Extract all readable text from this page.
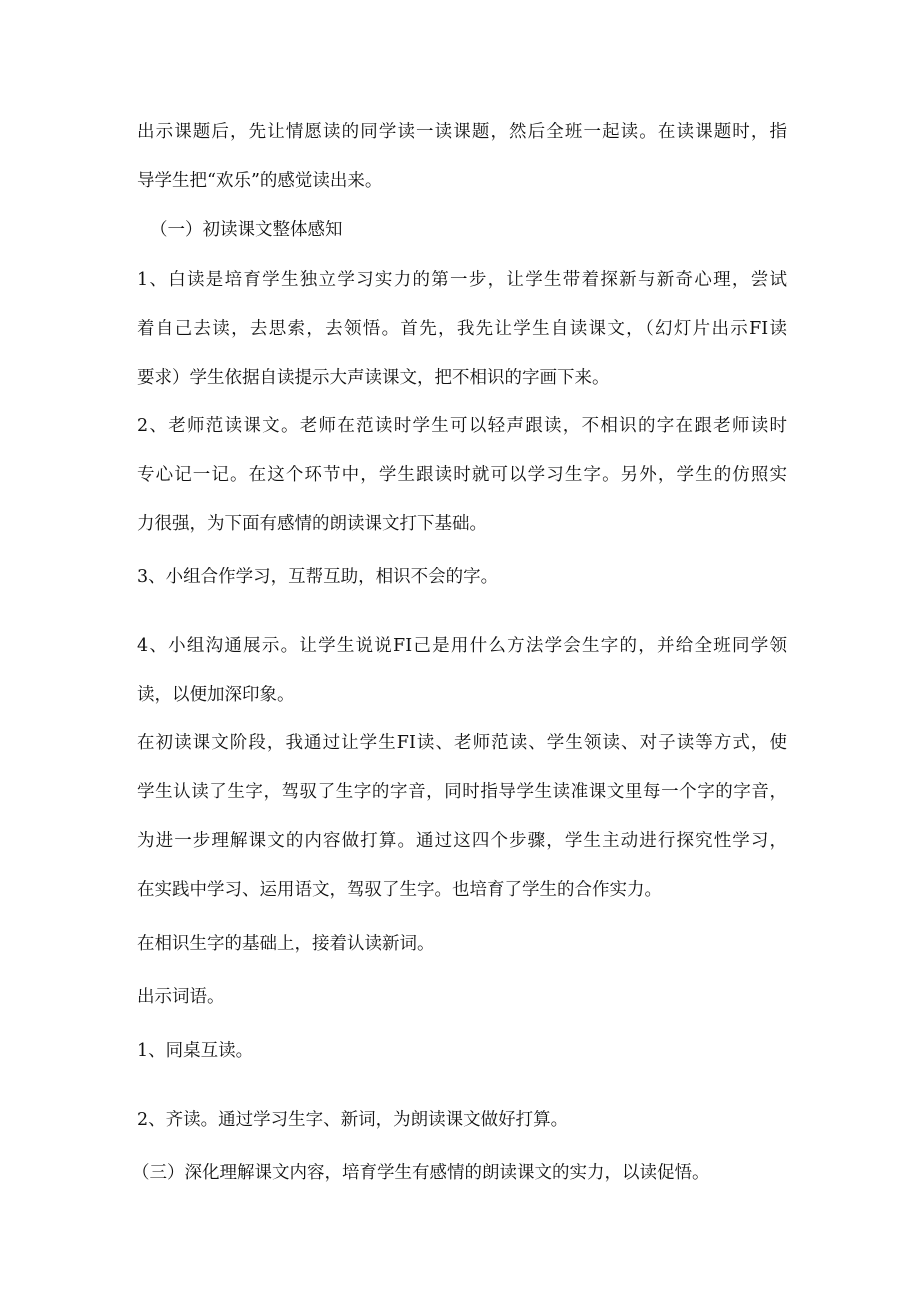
出示课题后，先让情愿读的同学读一读课题，然后全班一起读。在读课题时，指
导学生把“欢乐”的感觉读出来。
（一）初读课文整体感知
1、白读是培育学生独立学习实力的第一步，让学生带着探新与新奇心理，尝试
着自己去读，去思索，去领悟。首先，我先让学生自读课文，（幻灯片出示FI读
要求）学生依据自读提示大声读课文，把不相识的字画下来。
2、老师范读课文。老师在范读时学生可以轻声跟读，不相识的字在跟老师读时
专心记一记。在这个环节中，学生跟读时就可以学习生字。另外，学生的仿照实
力很强，为下面有感情的朗读课文打下基础。
3、小组合作学习，互帮互助，相识不会的字。
4、小组沟通展示。让学生说说FI己是用什么方法学会生字的，并给全班同学领
读，以便加深印象。
在初读课文阶段，我通过让学生FI读、老师范读、学生领读、对子读等方式，使
学生认读了生字，驾驭了生字的字音，同时指导学生读准课文里每一个字的字音，
为进一步理解课文的内容做打算。通过这四个步骤，学生主动进行探究性学习，
在实践中学习、运用语文，驾驭了生字。也培育了学生的合作实力。
在相识生字的基础上，接着认读新词。
出示词语。
1、同桌互读。
2、齐读。通过学习生字、新词，为朗读课文做好打算。
（三）深化理解课文内容，培育学生有感情的朗读课文的实力，以读促悟。
